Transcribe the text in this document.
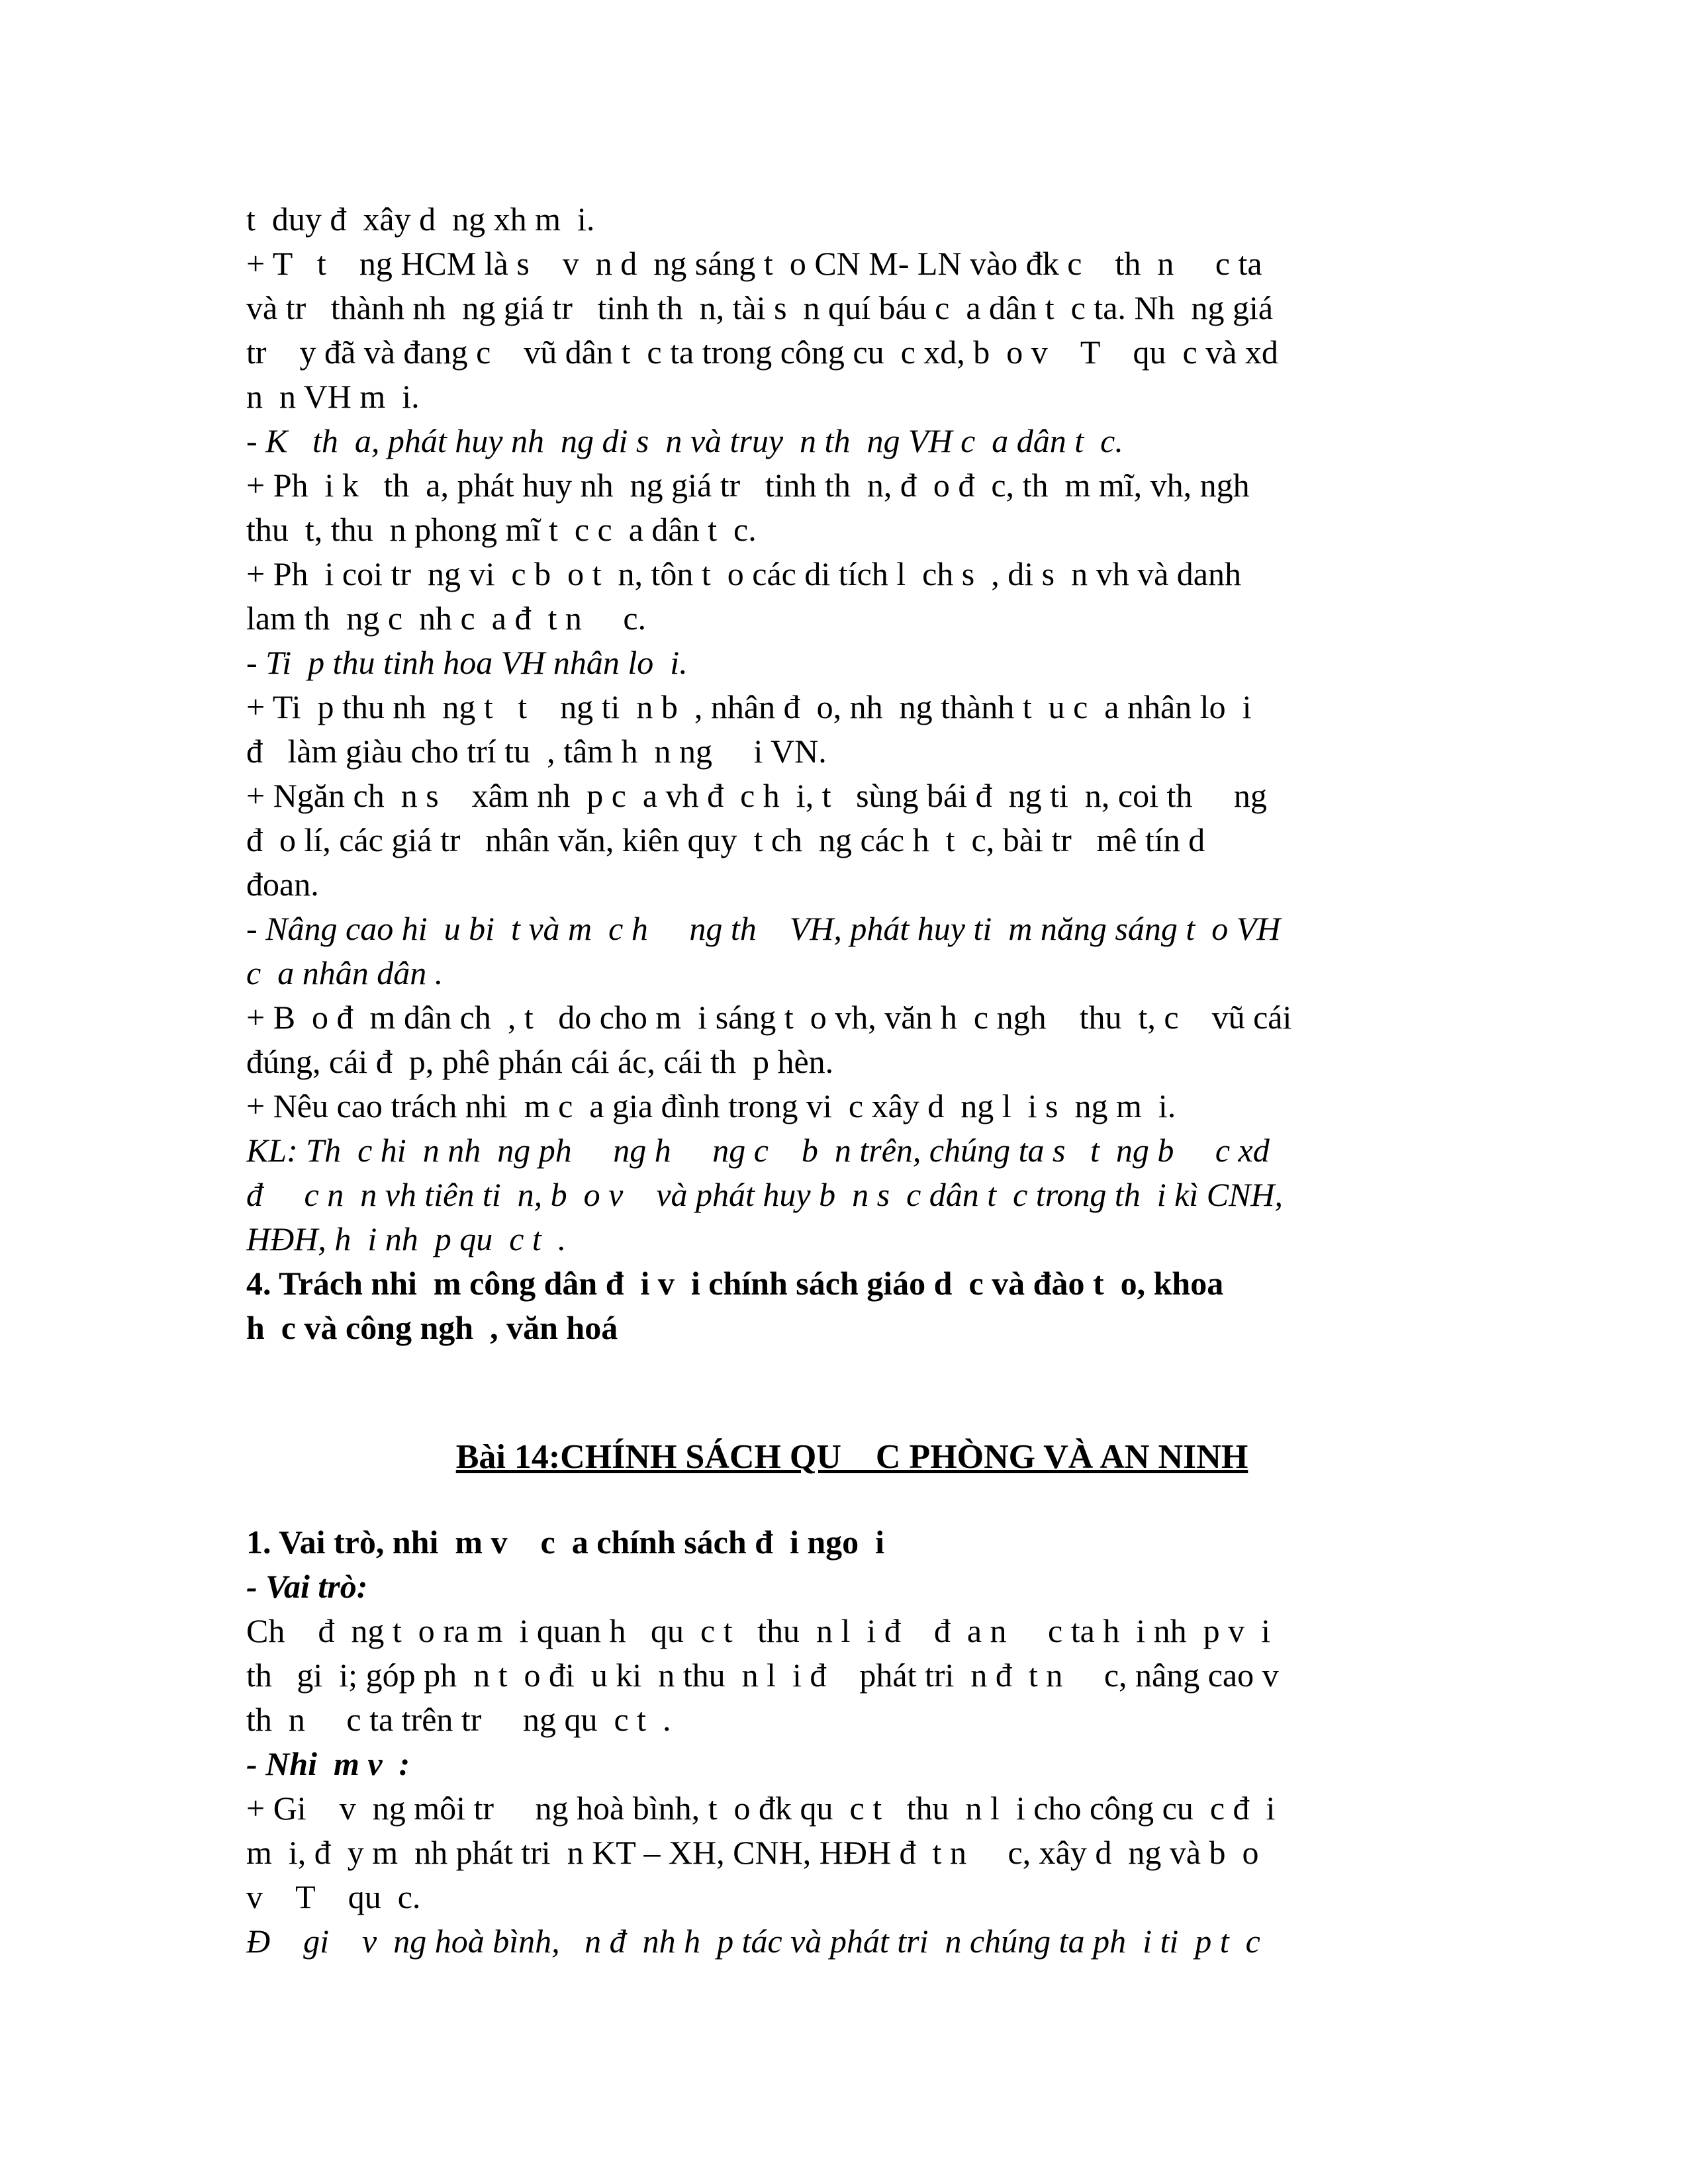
t  duy đ  xây d  ng xh m  i.
+ T   t    ng HCM là s    v  n d  ng sáng t  o CN M- LN vào đk c    th  n     c ta
và tr   thành nh  ng giá tr   tinh th  n, tài s  n quí báu c  a dân t  c ta. Nh  ng giá
tr    y đã và đang c    vũ dân t  c ta trong công cu  c xd, b  o v    T    qu  c và xd
n  n VH m  i.
- K   th  a, phát huy nh  ng di s  n và truy  n th  ng VH c  a dân t  c.
+ Ph  i k   th  a, phát huy nh  ng giá tr   tinh th  n, đ  o đ  c, th  m mĩ, vh, ngh
thu  t, thu  n phong mĩ t  c c  a dân t  c.
+ Ph  i coi tr  ng vi  c b  o t  n, tôn t  o các di tích l  ch s  , di s  n vh và danh
lam th  ng c  nh c  a đ  t n     c.
- Ti  p thu tinh hoa VH nhân lo  i.
+ Ti  p thu nh  ng t   t    ng ti  n b  , nhân đ  o, nh  ng thành t  u c  a nhân lo  i
đ   làm giàu cho trí tu  , tâm h  n ng     i VN.
+ Ngăn ch  n s    xâm nh  p c  a vh đ  c h  i, t   sùng bái đ  ng ti  n, coi th     ng
đ  o lí, các giá tr   nhân văn, kiên quy  t ch  ng các h  t  c, bài tr   mê tín d
đoan.
- Nâng cao hi  u bi  t và m  c h     ng th    VH, phát huy ti  m năng sáng t  o VH
c  a nhân dân .
+ B  o đ  m dân ch  , t   do cho m  i sáng t  o vh, văn h  c ngh    thu  t, c    vũ cái
đúng, cái đ  p, phê phán cái ác, cái th  p hèn.
+ Nêu cao trách nhi  m c  a gia đình trong vi  c xây d  ng l  i s  ng m  i.
KL: Th  c hi  n nh  ng ph     ng h     ng c    b  n trên, chúng ta s   t  ng b     c xd
đ     c n  n vh tiên ti  n, b  o v    và phát huy b  n s  c dân t  c trong th  i kì CNH,
HĐH, h  i nh  p qu  c t  .
4. Trách nhi  m công dân đ  i v  i chính sách giáo d  c và đào t  o, khoa
h  c và công ngh  , văn hoá
Bài 14:CHÍNH SÁCH QU    C PHÒNG VÀ AN NINH
1. Vai trò, nhi  m v    c  a chính sách đ  i ngo  i
- Vai trò:
Ch    đ  ng t  o ra m  i quan h   qu  c t   thu  n l  i đ    đ  a n     c ta h  i nh  p v  i
th   gi  i; góp ph  n t  o đi  u ki  n thu  n l  i đ    phát tri  n đ  t n     c, nâng cao v
th  n     c ta trên tr     ng qu  c t  .
- Nhi  m v  :
+ Gi    v  ng môi tr     ng hoà bình, t  o đk qu  c t   thu  n l  i cho công cu  c đ  i
m  i, đ  y m  nh phát tri  n KT – XH, CNH, HĐH đ  t n     c, xây d  ng và b  o
v    T    qu  c.
Đ    gi    v  ng hoà bình,   n đ  nh h  p tác và phát tri  n chúng ta ph  i ti  p t  c
